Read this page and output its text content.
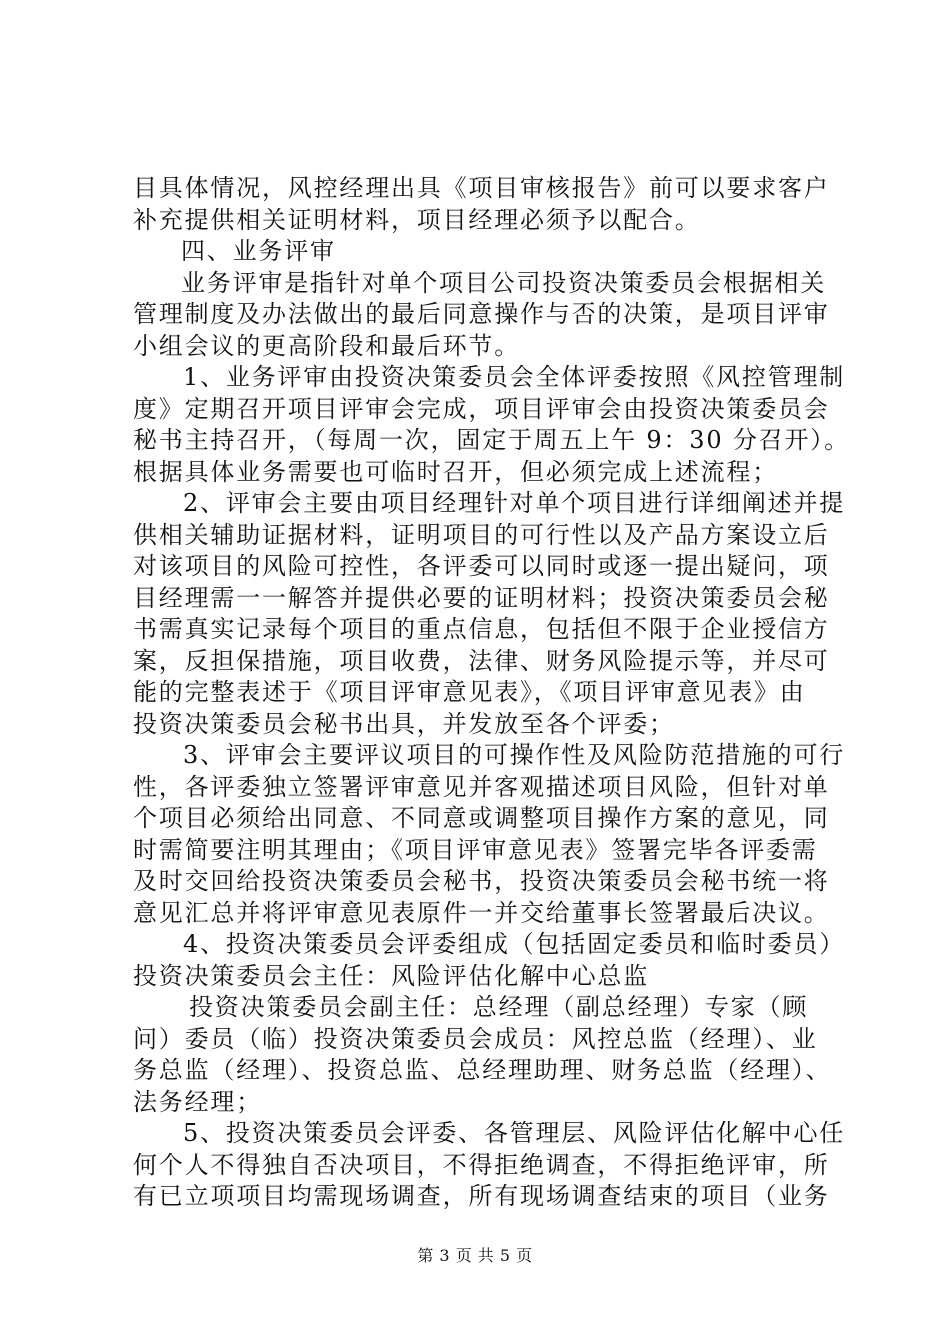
目具体情况，风控经理出具《项目审核报告》前可以要求客户
补充提供相关证明材料，项目经理必须予以配合。
四、业务评审
业务评审是指针对单个项目公司投资决策委员会根据相关
管理制度及办法做出的最后同意操作与否的决策，是项目评审
小组会议的更高阶段和最后环节。
1、业务评审由投资决策委员会全体评委按照《风控管理制
度》定期召开项目评审会完成，项目评审会由投资决策委员会
秘书主持召开，（每周一次，固定于周五上午 9：30 分召开）。
根据具体业务需要也可临时召开，但必须完成上述流程；
2、评审会主要由项目经理针对单个项目进行详细阐述并提
供相关辅助证据材料，证明项目的可行性以及产品方案设立后
对该项目的风险可控性，各评委可以同时或逐一提出疑问，项
目经理需一一解答并提供必要的证明材料；投资决策委员会秘
书需真实记录每个项目的重点信息，包括但不限于企业授信方
案，反担保措施，项目收费，法律、财务风险提示等，并尽可
能的完整表述于《项目评审意见表》，《项目评审意见表》由
投资决策委员会秘书出具，并发放至各个评委；
3、评审会主要评议项目的可操作性及风险防范措施的可行
性，各评委独立签署评审意见并客观描述项目风险，但针对单
个项目必须给出同意、不同意或调整项目操作方案的意见，同
时需简要注明其理由；《项目评审意见表》签署完毕各评委需
及时交回给投资决策委员会秘书，投资决策委员会秘书统一将
意见汇总并将评审意见表原件一并交给董事长签署最后决议。
4、投资决策委员会评委组成（包括固定委员和临时委员）
投资决策委员会主任：风险评估化解中心总监
投资决策委员会副主任：总经理（副总经理）专家（顾
问）委员（临）投资决策委员会成员：风控总监（经理）、业
务总监（经理）、投资总监、总经理助理、财务总监（经理）、
法务经理；
5、投资决策委员会评委、各管理层、风险评估化解中心任
何个人不得独自否决项目，不得拒绝调查，不得拒绝评审，所
有已立项项目均需现场调查，所有现场调查结束的项目（业务
第 3 页 共 5 页
